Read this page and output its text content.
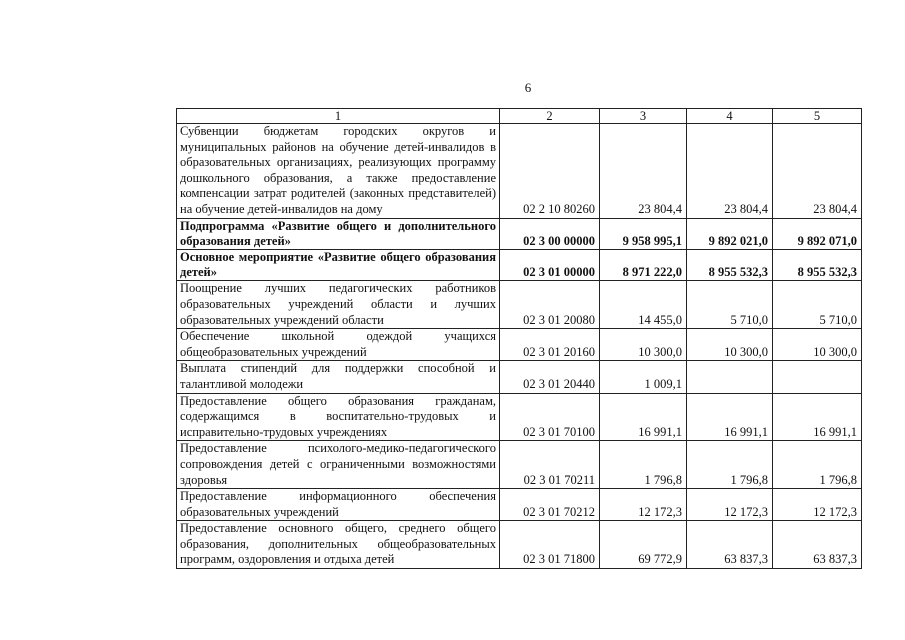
6
1	2	3	4	5
Субвенции бюджетам городских округов и муниципальных районов на обучение детей-инвалидов в образовательных организациях, реализующих программу дошкольного образования, а также предоставление компенсации затрат родителей (законных представителей) на обучение детей-инвалидов на дому	02 2 10 80260	23 804,4	23 804,4	23 804,4
Подпрограмма «Развитие общего и дополнительного образования детей»	02 3 00 00000	9 958 995,1	9 892 021,0	9 892 071,0
Основное мероприятие «Развитие общего образования детей»	02 3 01 00000	8 971 222,0	8 955 532,3	8 955 532,3
Поощрение лучших педагогических работников образовательных учреждений области и лучших образовательных учреждений области	02 3 01 20080	14 455,0	5 710,0	5 710,0
Обеспечение школьной одеждой учащихся общеобразовательных учреждений	02 3 01 20160	10 300,0	10 300,0	10 300,0
Выплата стипендий для поддержки способной и талантливой молодежи	02 3 01 20440	1 009,1		
Предоставление общего образования гражданам, содержащимся в воспитательно-трудовых и исправительно-трудовых учреждениях	02 3 01 70100	16 991,1	16 991,1	16 991,1
Предоставление психолого-медико-педагогического сопровождения детей с ограниченными возможностями здоровья	02 3 01 70211	1 796,8	1 796,8	1 796,8
Предоставление информационного обеспечения образовательных учреждений	02 3 01 70212	12 172,3	12 172,3	12 172,3
Предоставление основного общего, среднего общего образования, дополнительных общеобразовательных программ, оздоровления и отдыха детей	02 3 01 71800	69 772,9	63 837,3	63 837,3
